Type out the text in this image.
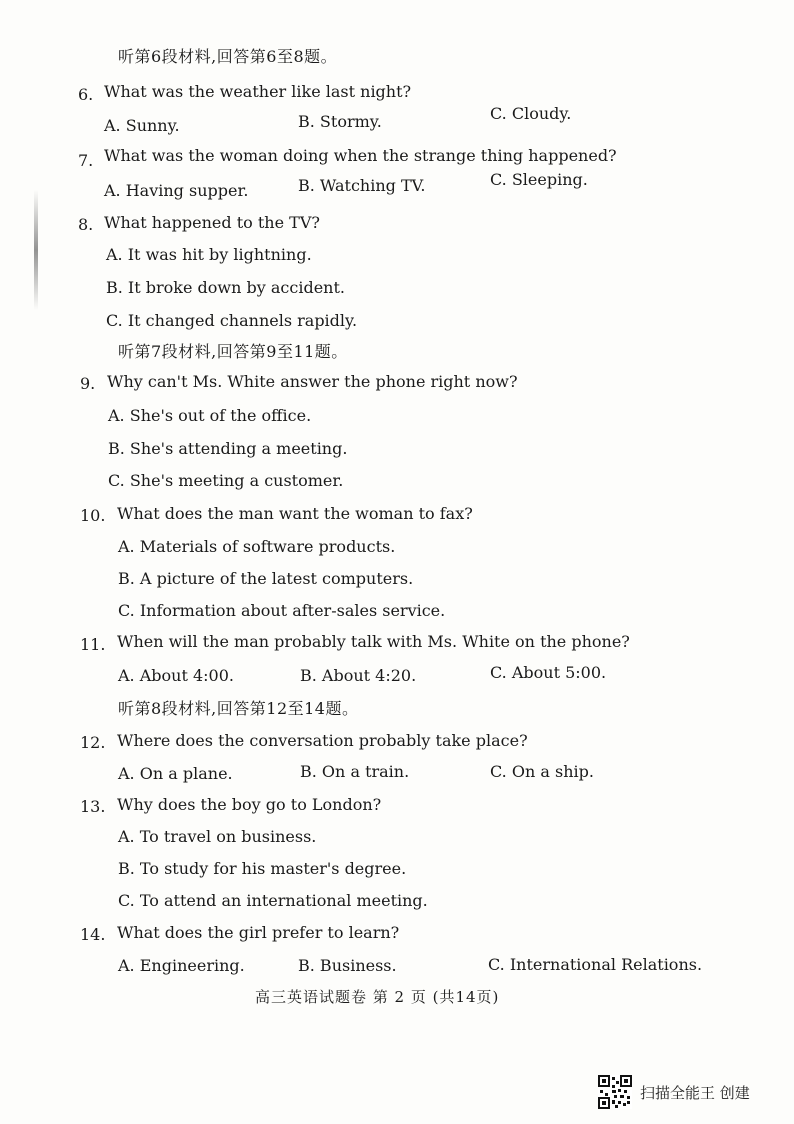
听第6段材料,回答第6至8题。
6. What was the weather like last night?
A. Sunny.	B. Stormy.	C. Cloudy.
7. What was the woman doing when the strange thing happened?
A. Having supper.	B. Watching TV.	C. Sleeping.
8. What happened to the TV?
A. It was hit by lightning.
B. It broke down by accident.
C. It changed channels rapidly.
听第7段材料,回答第9至11题。
9. Why can't Ms. White answer the phone right now?
A. She's out of the office.
B. She's attending a meeting.
C. She's meeting a customer.
10. What does the man want the woman to fax?
A. Materials of software products.
B. A picture of the latest computers.
C. Information about after-sales service.
11. When will the man probably talk with Ms. White on the phone?
A. About 4:00.	B. About 4:20.	C. About 5:00.
听第8段材料,回答第12至14题。
12. Where does the conversation probably take place?
A. On a plane.	B. On a train.	C. On a ship.
13. Why does the boy go to London?
A. To travel on business.
B. To study for his master's degree.
C. To attend an international meeting.
14. What does the girl prefer to learn?
A. Engineering.	B. Business.	C. International Relations.
高三英语试题卷 第 2 页 (共14页)
扫描全能王 创建
